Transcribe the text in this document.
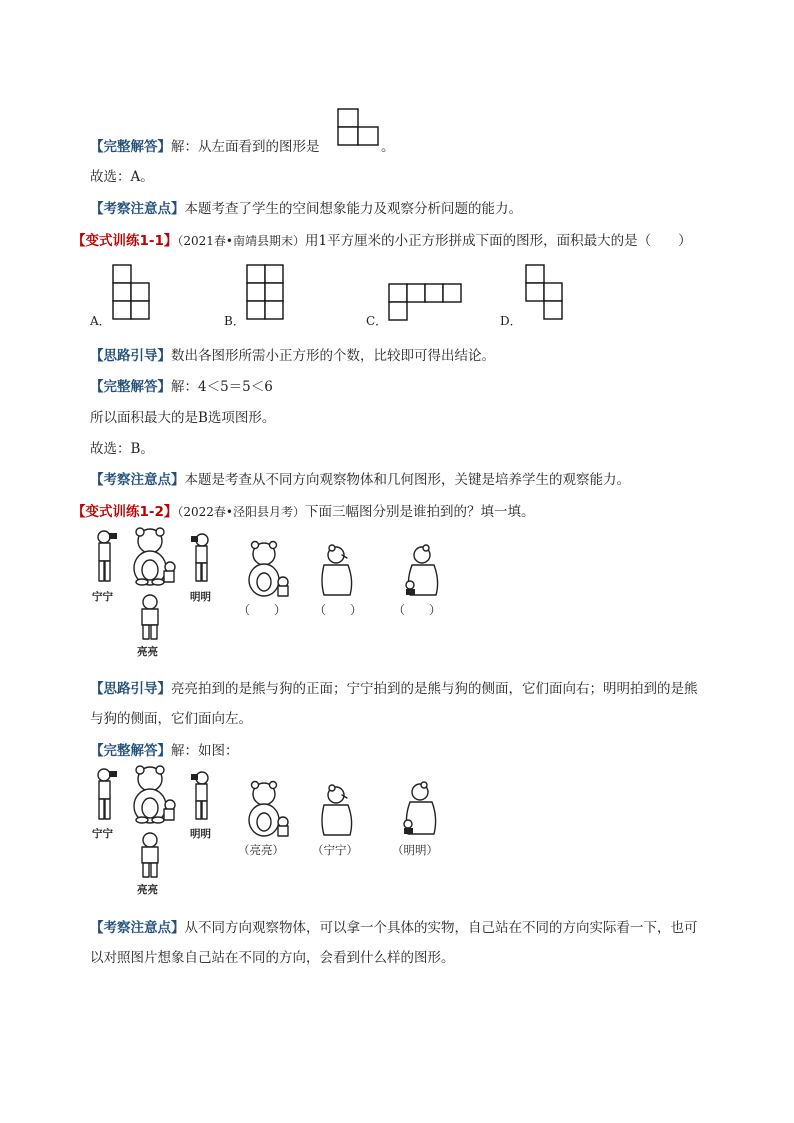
【完整解答】解：从左面看到的图形是	。
故选：A。
【考察注意点】本题考查了学生的空间想象能力及观察分析问题的能力。
【变式训练1-1】（2021春•南靖县期末）用1平方厘米的小正方形拼成下面的图形，面积最大的是（　　）
A．	B．	C．	D．
【思路引导】数出各图形所需小正方形的个数，比较即可得出结论。
【完整解答】解：4＜5＝5＜6
所以面积最大的是B选项图形。
故选：B。
【考察注意点】本题是考查从不同方向观察物体和几何图形，关键是培养学生的观察能力。
【变式训练1-2】（2022春•泾阳县月考）下面三幅图分别是谁拍到的？填一填。
宁宁	明明
亮亮
（　　） （　　）	（　　）
【思路引导】亮亮拍到的是熊与狗的正面；宁宁拍到的是熊与狗的侧面，它们面向右；明明拍到的是熊
与狗的侧面，它们面向左。
【完整解答】解：如图：
宁宁	明明
亮亮
（亮亮） （宁宁）	（明明）
【考察注意点】从不同方向观察物体，可以拿一个具体的实物，自己站在不同的方向实际看一下，也可
以对照图片想象自己站在不同的方向，会看到什么样的图形。
